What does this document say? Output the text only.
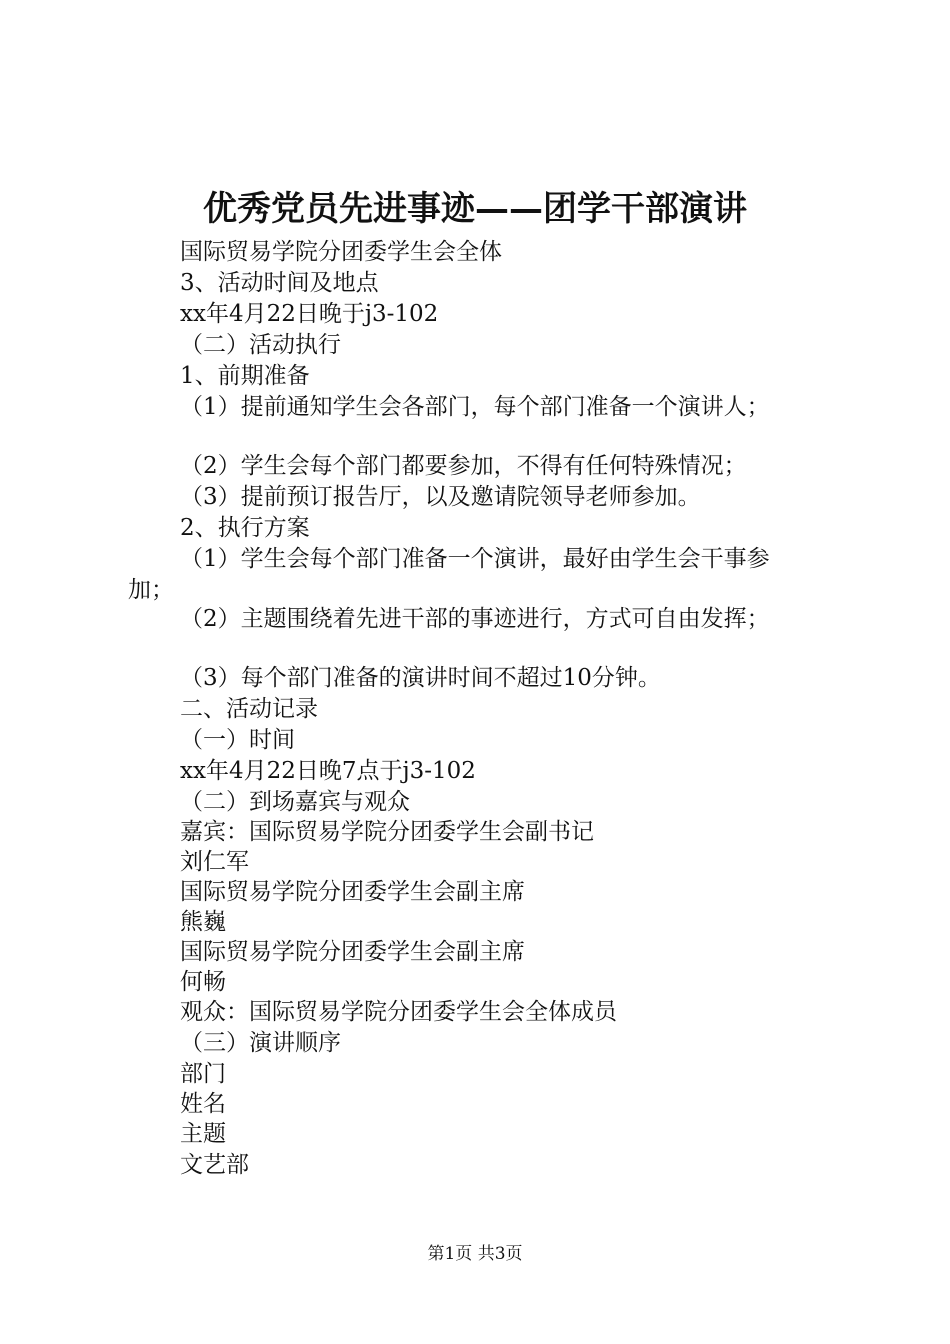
优秀党员先进事迹——团学干部演讲
国际贸易学院分团委学生会全体
3、活动时间及地点
xx年4月22日晚于j3-102
（二）活动执行
1、前期准备
（1）提前通知学生会各部门，每个部门准备一个演讲人；
（2）学生会每个部门都要参加，不得有任何特殊情况；
（3）提前预订报告厅，以及邀请院领导老师参加。
2、执行方案
（1）学生会每个部门准备一个演讲，最好由学生会干事参
加；
（2）主题围绕着先进干部的事迹进行，方式可自由发挥；
（3）每个部门准备的演讲时间不超过10分钟。
二、活动记录
（一）时间
xx年4月22日晚7点于j3-102
（二）到场嘉宾与观众
嘉宾：国际贸易学院分团委学生会副书记
刘仁军
国际贸易学院分团委学生会副主席
熊巍
国际贸易学院分团委学生会副主席
何畅
观众：国际贸易学院分团委学生会全体成员
（三）演讲顺序
部门
姓名
主题
文艺部
第1页 共3页
